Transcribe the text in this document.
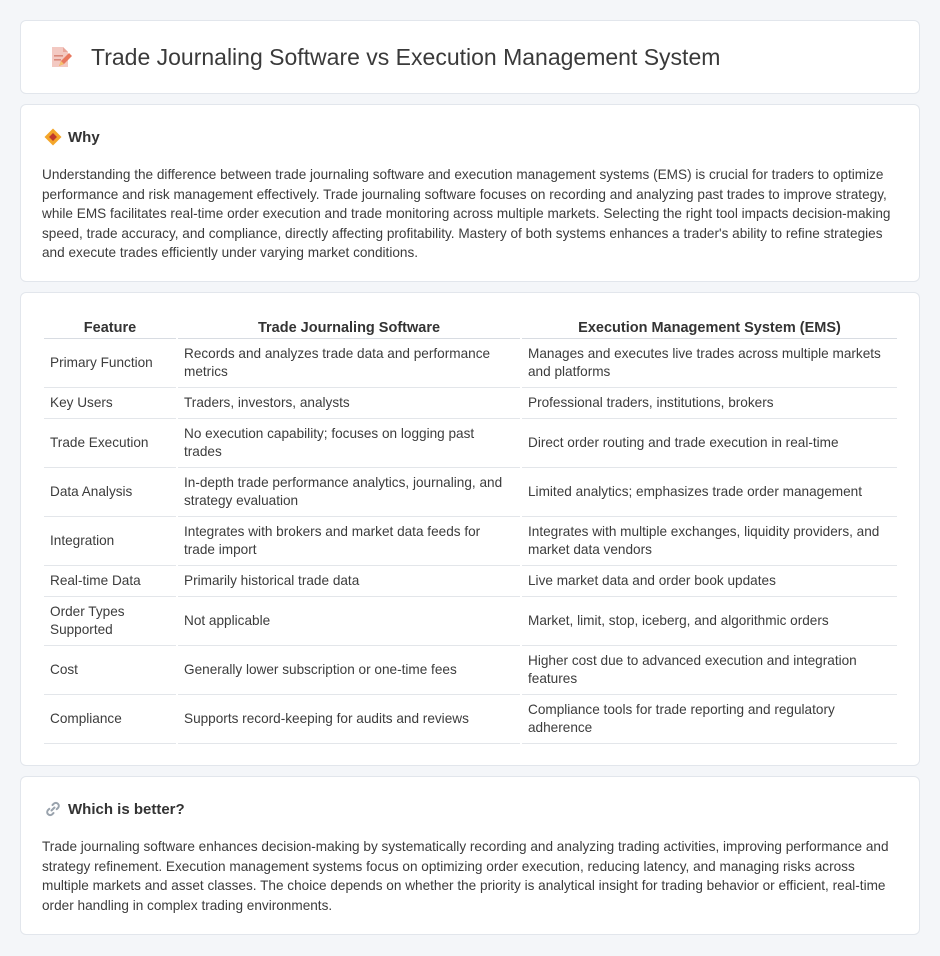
Trade Journaling Software vs Execution Management System
Why

Understanding the difference between trade journaling software and execution management systems (EMS) is crucial for traders to optimize performance and risk management effectively. Trade journaling software focuses on recording and analyzing past trades to improve strategy, while EMS facilitates real-time order execution and trade monitoring across multiple markets. Selecting the right tool impacts decision-making speed, trade accuracy, and compliance, directly affecting profitability. Mastery of both systems enhances a trader's ability to refine strategies and execute trades efficiently under varying market conditions.

Feature	Trade Journaling Software	Execution Management System (EMS)
Primary Function	Records and analyzes trade data and performance metrics	Manages and executes live trades across multiple markets and platforms
Key Users	Traders, investors, analysts	Professional traders, institutions, brokers
Trade Execution	No execution capability; focuses on logging past trades	Direct order routing and trade execution in real-time
Data Analysis	In-depth trade performance analytics, journaling, and strategy evaluation	Limited analytics; emphasizes trade order management
Integration	Integrates with brokers and market data feeds for trade import	Integrates with multiple exchanges, liquidity providers, and market data vendors
Real-time Data	Primarily historical trade data	Live market data and order book updates
Order Types Supported	Not applicable	Market, limit, stop, iceberg, and algorithmic orders
Cost	Generally lower subscription or one-time fees	Higher cost due to advanced execution and integration features
Compliance	Supports record-keeping for audits and reviews	Compliance tools for trade reporting and regulatory adherence
Which is better?

Trade journaling software enhances decision-making by systematically recording and analyzing trading activities, improving performance and strategy refinement. Execution management systems focus on optimizing order execution, reducing latency, and managing risks across multiple markets and asset classes. The choice depends on whether the priority is analytical insight for trading behavior or efficient, real-time order handling in complex trading environments.
